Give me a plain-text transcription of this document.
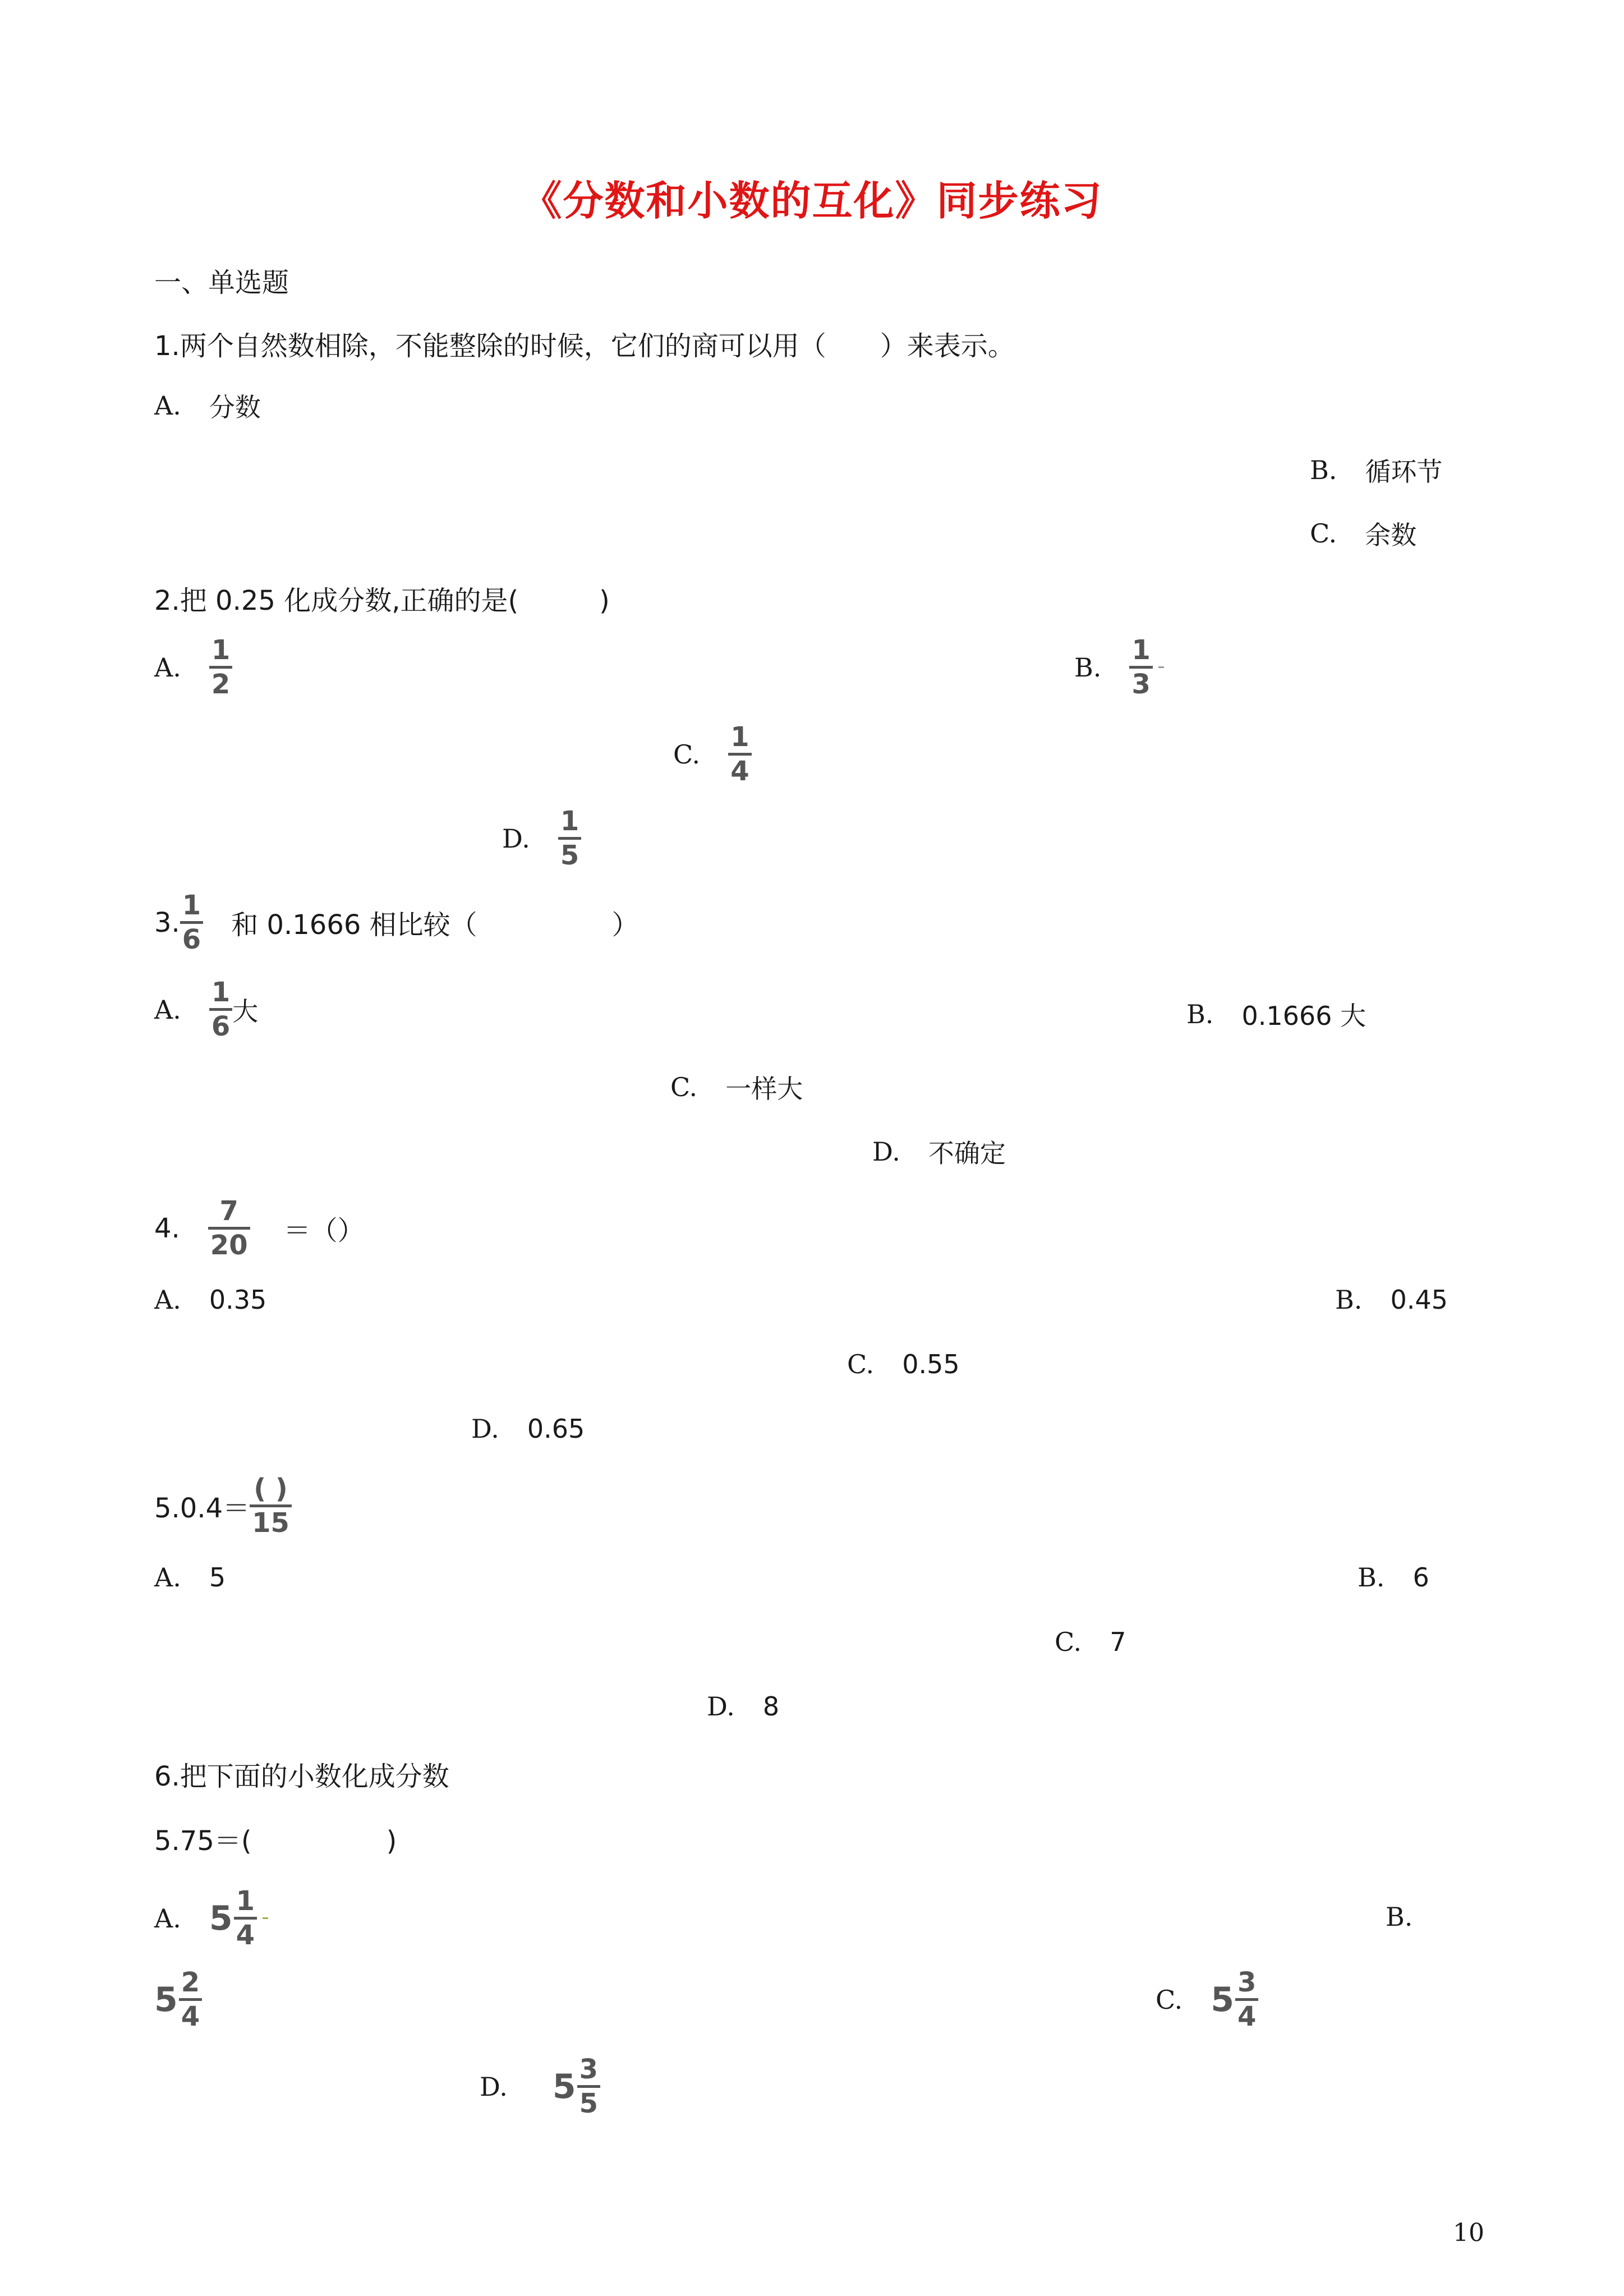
《分数和小数的互化》同步练习
一、单选题
1.两个自然数相除，不能整除的时候，它们的商可以用（　　）来表示。
A. 分数
B. 循环节
C. 余数
2.把 0.25 化成分数,正确的是(　　　)
A.
1
2
B.
1
3
C.
1
4
D.
1
5
3.
1
6 和 0.1666 相比较（　　　　　）
A.
1
6 大	B. 0.1666 大
C. 一样大
D. 不确定
4.
7
20 ＝（）
A. 0.35	B. 0.45
C. 0.55
D. 0.65
5.0.4＝
( )
15
A. 5	B. 6
C. 7
D. 8
6.把下面的小数化成分数
5.75＝(　　　　　)
A. 5 1
4
B.
5 2
4
C. 5 3
4
D. 5 3
5
10
